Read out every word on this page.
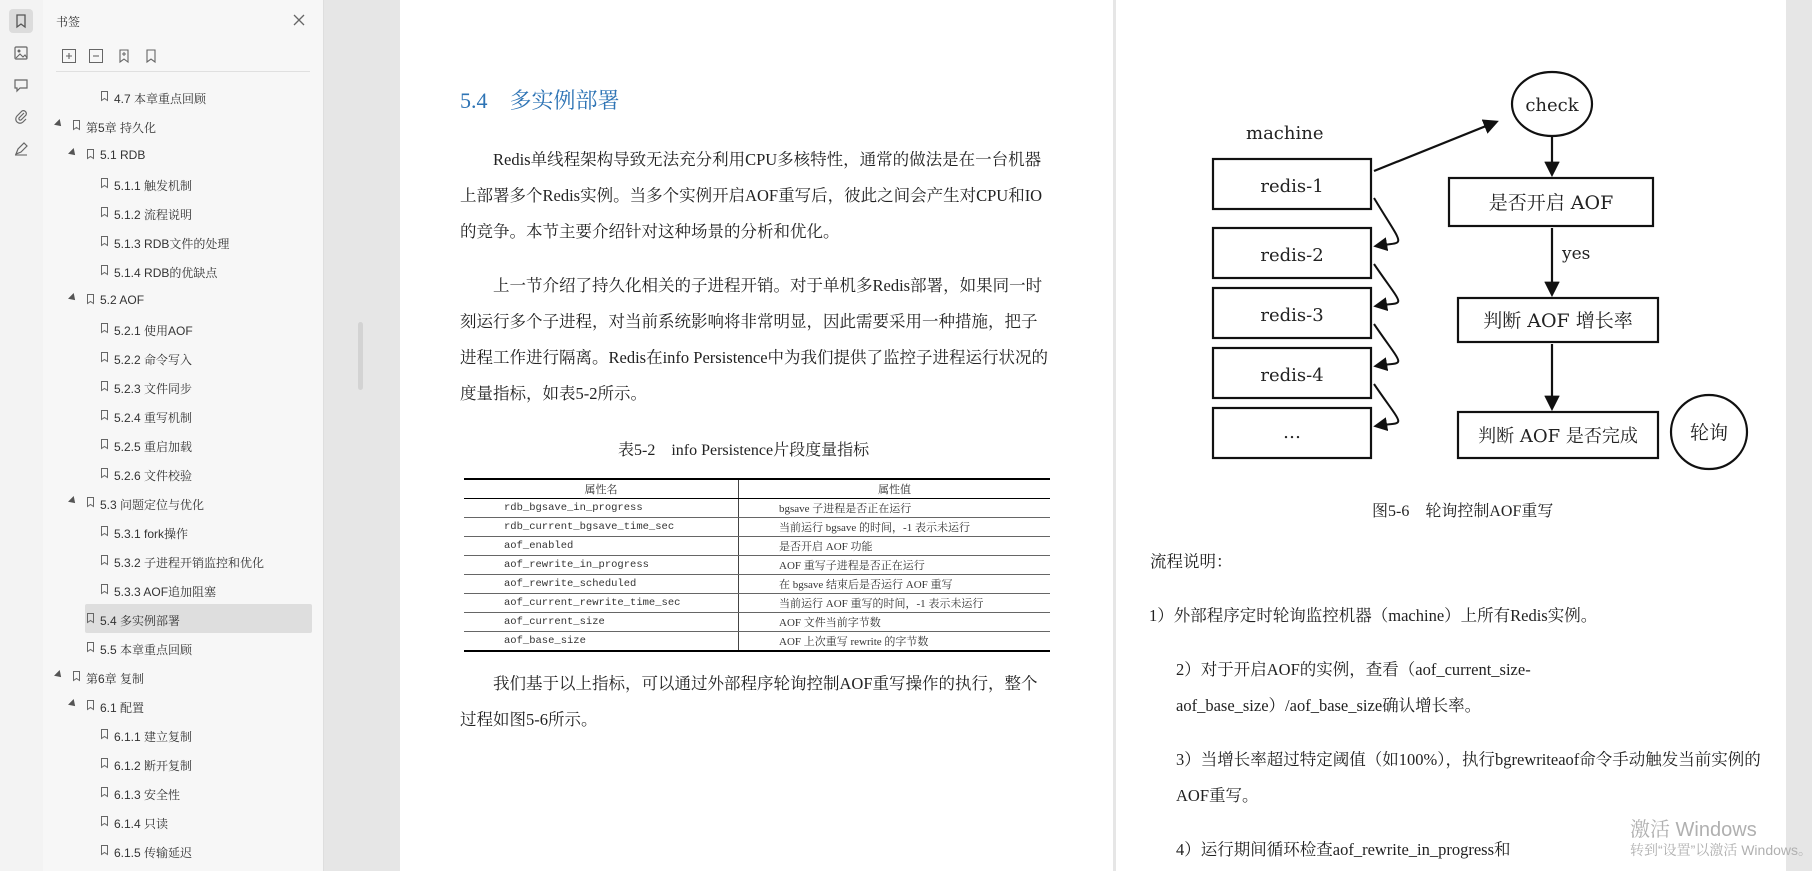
书签
4.7 本章重点回顾
第5章 持久化
5.1 RDB
5.1.1 触发机制
5.1.2 流程说明
5.1.3 RDB文件的处理
5.1.4 RDB的优缺点
5.2 AOF
5.2.1 使用AOF
5.2.2 命令写入
5.2.3 文件同步
5.2.4 重写机制
5.2.5 重启加载
5.2.6 文件校验
5.3 问题定位与优化
5.3.1 fork操作
5.3.2 子进程开销监控和优化
5.3.3 AOF追加阻塞
5.4 多实例部署
5.5 本章重点回顾
第6章 复制
6.1 配置
6.1.1 建立复制
6.1.2 断开复制
6.1.3 安全性
6.1.4 只读
6.1.5 传输延迟
5.4　多实例部署
Redis单线程架构导致无法充分利用CPU多核特性，通常的做法是在一台机器上部署多个Redis实例。当多个实例开启AOF重写后，彼此之间会产生对CPU和IO的竞争。本节主要介绍针对这种场景的分析和优化。
上一节介绍了持久化相关的子进程开销。对于单机多Redis部署，如果同一时刻运行多个子进程，对当前系统影响将非常明显，因此需要采用一种措施，把子进程工作进行隔离。Redis在info Persistence中为我们提供了监控子进程运行状况的度量指标，如表5-2所示。
表5-2　info Persistence片段度量指标
属性名	属性值
rdb_bgsave_in_progress	bgsave 子进程是否正在运行
rdb_current_bgsave_time_sec	当前运行 bgsave 的时间，-1 表示未运行
aof_enabled	是否开启 AOF 功能
aof_rewrite_in_progress	AOF 重写子进程是否正在运行
aof_rewrite_scheduled	在 bgsave 结束后是否运行 AOF 重写
aof_current_rewrite_time_sec	当前运行 AOF 重写的时间，-1 表示未运行
aof_current_size	AOF 文件当前字节数
aof_base_size	AOF 上次重写 rewrite 的字节数
我们基于以上指标，可以通过外部程序轮询控制AOF重写操作的执行，整个过程如图5-6所示。
machine
redis-1
redis-2
redis-3
redis-4
…
check
是否开启 AOF
yes
判断 AOF 增长率
判断 AOF 是否完成	轮询
图5-6　轮询控制AOF重写
流程说明：
1）外部程序定时轮询监控机器（machine）上所有Redis实例。
2）对于开启AOF的实例，查看（aof_current_size-aof_base_size）/aof_base_size确认增长率。
3）当增长率超过特定阈值（如100%），执行bgrewriteaof命令手动触发当前实例的AOF重写。
4）运行期间循环检查aof_rewrite_in_progress和
激活 Windows
转到“设置”以激活 Windows。
